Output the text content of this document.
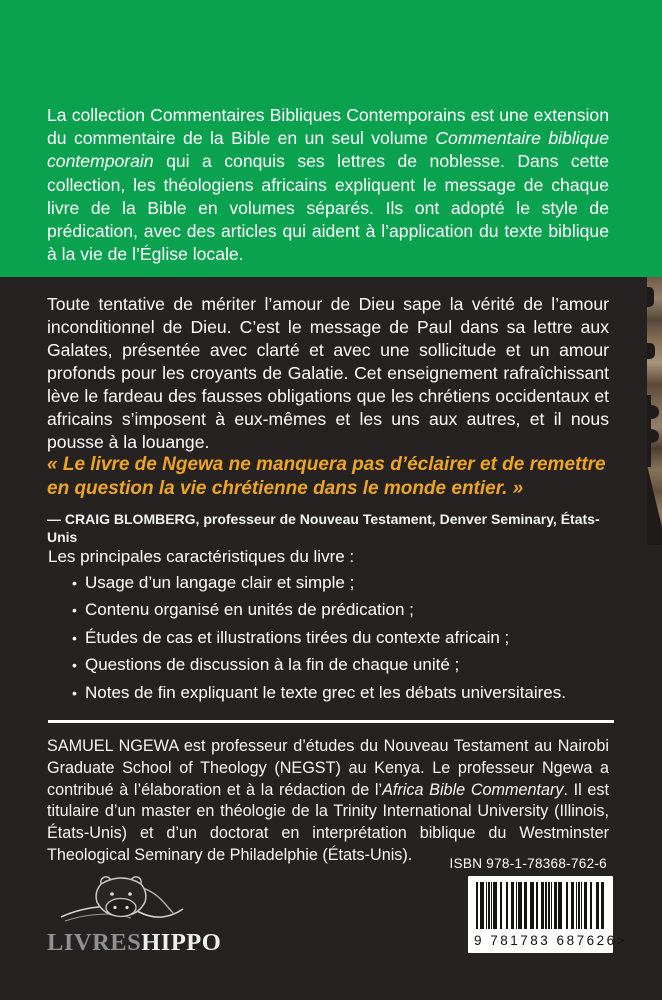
La collection Commentaires Bibliques Contemporains est une extension du commentaire de la Bible en un seul volume Commentaire biblique contemporain qui a conquis ses lettres de noblesse. Dans cette collection, les théologiens africains expliquent le message de chaque livre de la Bible en volumes séparés. Ils ont adopté le style de prédication, avec des articles qui aident à l’application du texte biblique à la vie de l’Église locale.

Toute tentative de mériter l’amour de Dieu sape la vérité de l’amour inconditionnel de Dieu. C’est le message de Paul dans sa lettre aux Galates, présentée avec clarté et avec une sollicitude et un amour profonds pour les croyants de Galatie. Cet enseignement rafraîchissant lève le fardeau des fausses obligations que les chrétiens occidentaux et africains s’imposent à eux-mêmes et les uns aux autres, et il nous pousse à la louange.

« Le livre de Ngewa ne manquera pas d’éclairer et de remettre en question la vie chrétienne dans le monde entier. »

— CRAIG BLOMBERG, professeur de Nouveau Testament, Denver Seminary, États-Unis

Les principales caractéristiques du livre :

• Usage d’un langage clair et simple ;
• Contenu organisé en unités de prédication ;
• Études de cas et illustrations tirées du contexte africain ;
• Questions de discussion à la fin de chaque unité ;
• Notes de fin expliquant le texte grec et les débats universitaires.

SAMUEL NGEWA est professeur d’études du Nouveau Testament au Nairobi Graduate School of Theology (NEGST) au Kenya. Le professeur Ngewa a contribué à l’élaboration et à la rédaction de l’Africa Bible Commentary. Il est titulaire d’un master en théologie de la Trinity International University (Illinois, États-Unis) et d’un doctorat en interprétation biblique du Westminster Theological Seminary de Philadelphie (États-Unis).	ISBN 978-1-78368-762-6
9 781783 687626 >
LIVRESHIPPO
